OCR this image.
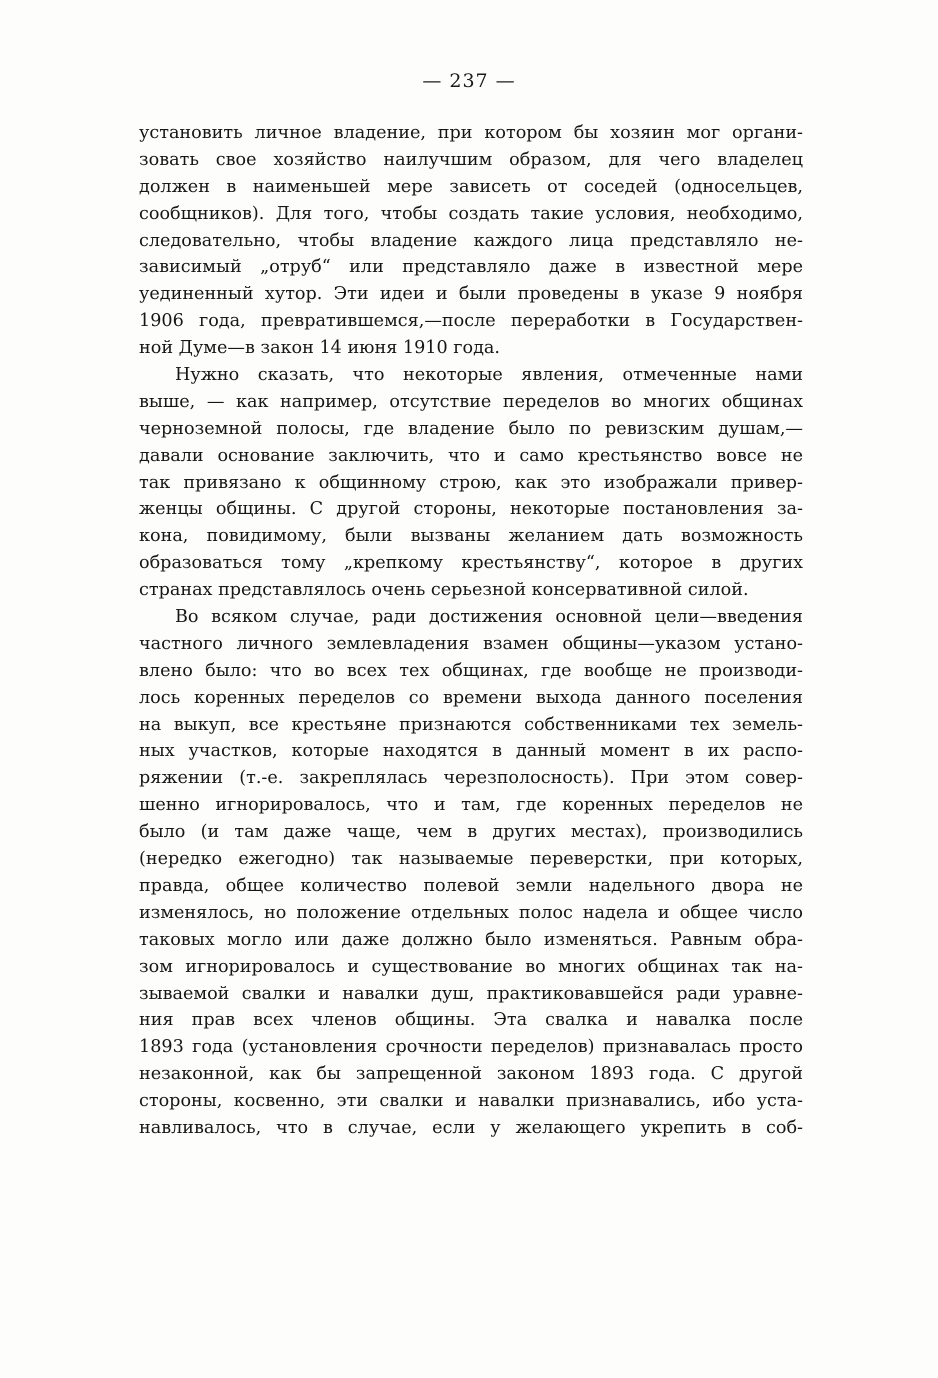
— 237 —
установить личное владение, при котором бы хозяин мог органи-
зовать свое хозяйство наилучшим образом, для чего владелец
должен в наименьшей мере зависеть от соседей (односельцев,
сообщников). Для того, чтобы создать такие условия, необходимо,
следовательно, чтобы владение каждого лица представляло не-
зависимый „отруб“ или представляло даже в известной мере
уединенный хутор. Эти идеи и были проведены в указе 9 ноября
1906 года, превратившемся,—после переработки в Государствен-
ной Думе—в закон 14 июня 1910 года.
Нужно сказать, что некоторые явления, отмеченные нами
выше, — как например, отсутствие переделов во многих общинах
черноземной полосы, где владение было по ревизским душам,—
давали основание заключить, что и само крестьянство вовсе не
так привязано к общинному строю, как это изображали привер-
женцы общины. С другой стороны, некоторые постановления за-
кона, повидимому, были вызваны желанием дать возможность
образоваться тому „крепкому крестьянству“, которое в других
странах представлялось очень серьезной консервативной силой.
Во всяком случае, ради достижения основной цели—введения
частного личного землевладения взамен общины—указом устано-
влено было: что во всех тех общинах, где вообще не производи-
лось коренных переделов со времени выхода данного поселения
на выкуп, все крестьяне признаются собственниками тех земель-
ных участков, которые находятся в данный момент в их распо-
ряжении (т.-е. закреплялась черезполосность). При этом совер-
шенно игнорировалось, что и там, где коренных переделов не
было (и там даже чаще, чем в других местах), производились
(нередко ежегодно) так называемые переверстки, при которых,
правда, общее количество полевой земли надельного двора не
изменялось, но положение отдельных полос надела и общее число
таковых могло или даже должно было изменяться. Равным обра-
зом игнорировалось и существование во многих общинах так на-
зываемой свалки и навалки душ, практиковавшейся ради уравне-
ния прав всех членов общины. Эта свалка и навалка после
1893 года (установления срочности переделов) признавалась просто
незаконной, как бы запрещенной законом 1893 года. С другой
стороны, косвенно, эти свалки и навалки признавались, ибо уста-
навливалось, что в случае, если у желающего укрепить в соб-
